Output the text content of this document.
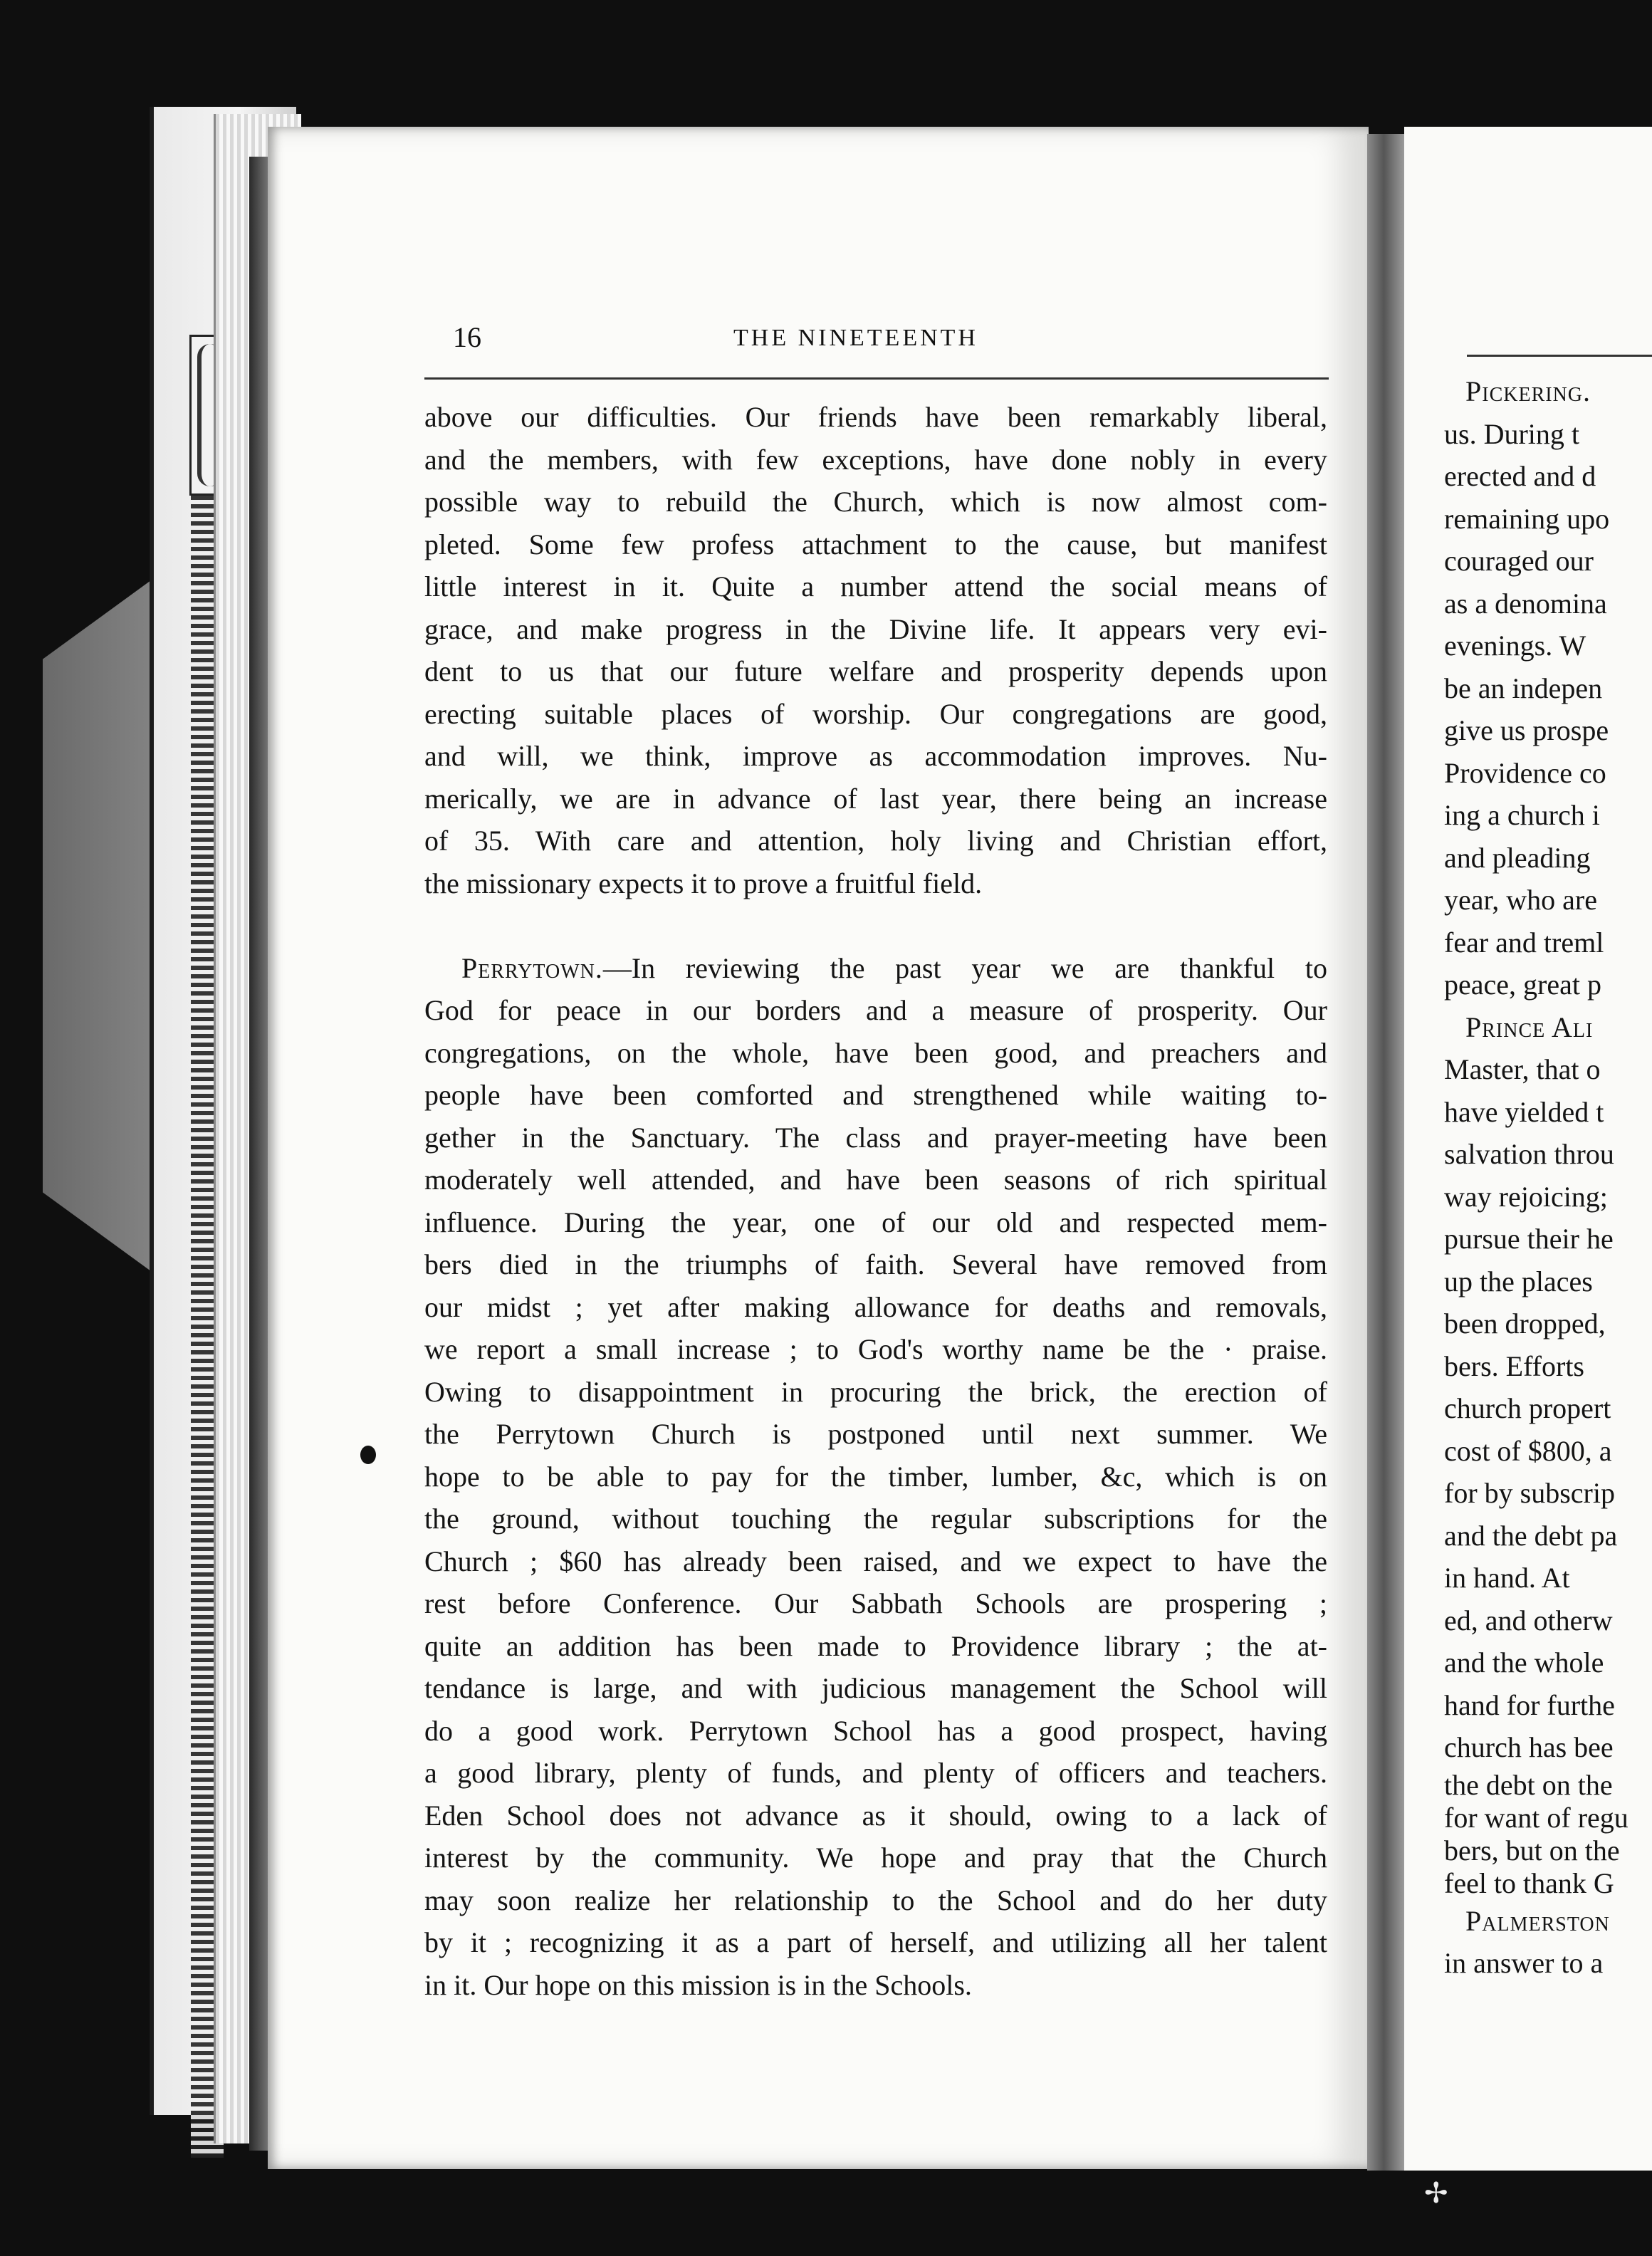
16	THE NINETEENTH
above our difficulties. Our friends have been remarkably liberal,
and the members, with few exceptions, have done nobly in every
possible way to rebuild the Church, which is now almost com-
pleted. Some few profess attachment to the cause, but manifest
little interest in it. Quite a number attend the social means of
grace, and make progress in the Divine life. It appears very evi-
dent to us that our future welfare and prosperity depends upon
erecting suitable places of worship. Our congregations are good,
and will, we think, improve as accommodation improves. Nu-
merically, we are in advance of last year, there being an increase
of 35. With care and attention, holy living and Christian effort,
the missionary expects it to prove a fruitful field.
Perrytown.—In reviewing the past year we are thankful to
God for peace in our borders and a measure of prosperity. Our
congregations, on the whole, have been good, and preachers and
people have been comforted and strengthened while waiting to-
gether in the Sanctuary. The class and prayer-meeting have been
moderately well attended, and have been seasons of rich spiritual
influence. During the year, one of our old and respected mem-
bers died in the triumphs of faith. Several have removed from
our midst ; yet after making allowance for deaths and removals,
we report a small increase ; to God's worthy name be the · praise.
Owing to disappointment in procuring the brick, the erection of
the Perrytown Church is postponed until next summer. We
hope to be able to pay for the timber, lumber, &c, which is on
the ground, without touching the regular subscriptions for the
Church ; $60 has already been raised, and we expect to have the
rest before Conference. Our Sabbath Schools are prospering ;
quite an addition has been made to Providence library ; the at-
tendance is large, and with judicious management the School will
do a good work. Perrytown School has a good prospect, having
a good library, plenty of funds, and plenty of officers and teachers.
Eden School does not advance as it should, owing to a lack of
interest by the community. We hope and pray that the Church
may soon realize her relationship to the School and do her duty
by it ; recognizing it as a part of herself, and utilizing all her talent
in it. Our hope on this mission is in the Schools.
Pickering.
us. During t
erected and d
remaining upo
couraged our
as a denomina
evenings. W
be an indepen
give us prospe
Providence co
ing a church i
and pleading
year, who are
fear and treml
peace, great p
Prince Ali
Master, that o
have yielded t
salvation throu
way rejoicing;
pursue their he
up the places
been dropped,
bers. Efforts
church propert
cost of $800, a
for by subscrip
and the debt pa
in hand. At
ed, and otherw
and the whole
hand for furthe
church has bee
the debt on the
for want of regu
bers, but on the
feel to thank G
Palmerston
in answer to a
✢
